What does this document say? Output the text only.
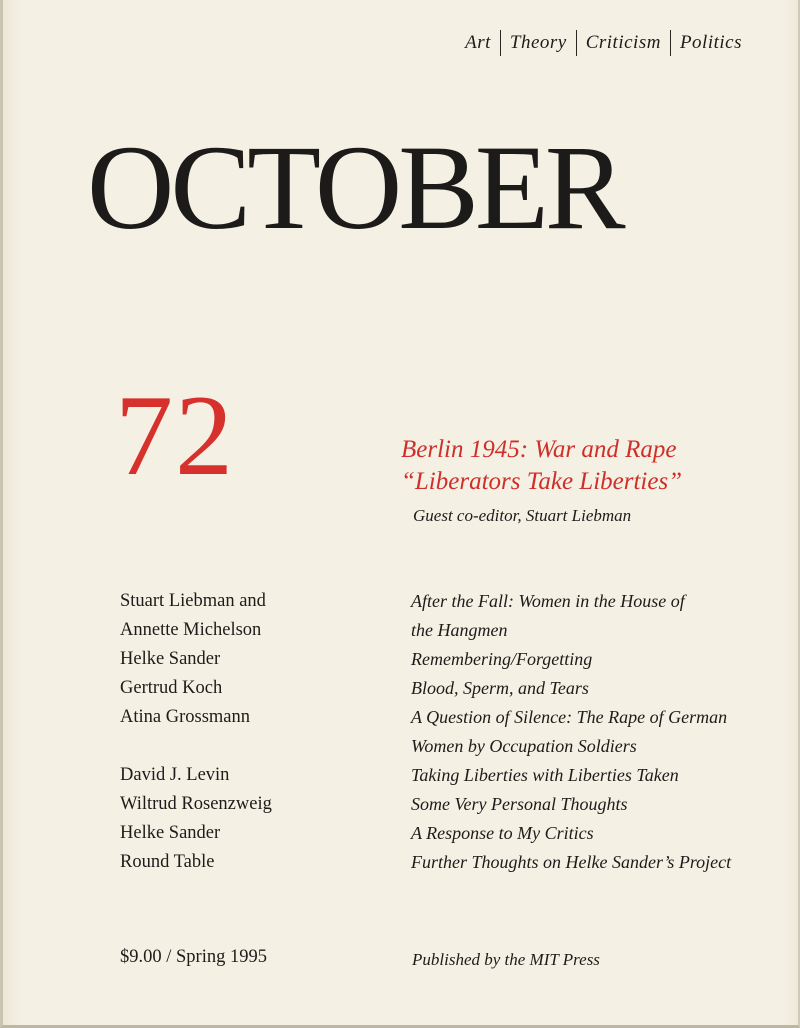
Art Theory Criticism Politics
OCTOBER
72	Berlin 1945: War and Rape
“Liberators Take Liberties”
Guest co-editor, Stuart Liebman
Stuart Liebman and
Annette Michelson
Helke Sander
Gertrud Koch
Atina Grossmann
David J. Levin
Wiltrud Rosenzweig
Helke Sander
Round Table
After the Fall: Women in the House of
the Hangmen
Remembering/Forgetting
Blood, Sperm, and Tears
A Question of Silence: The Rape of German
Women by Occupation Soldiers
Taking Liberties with Liberties Taken
Some Very Personal Thoughts
A Response to My Critics
Further Thoughts on Helke Sander’s Project
$9.00 / Spring 1995	Published by the MIT Press
